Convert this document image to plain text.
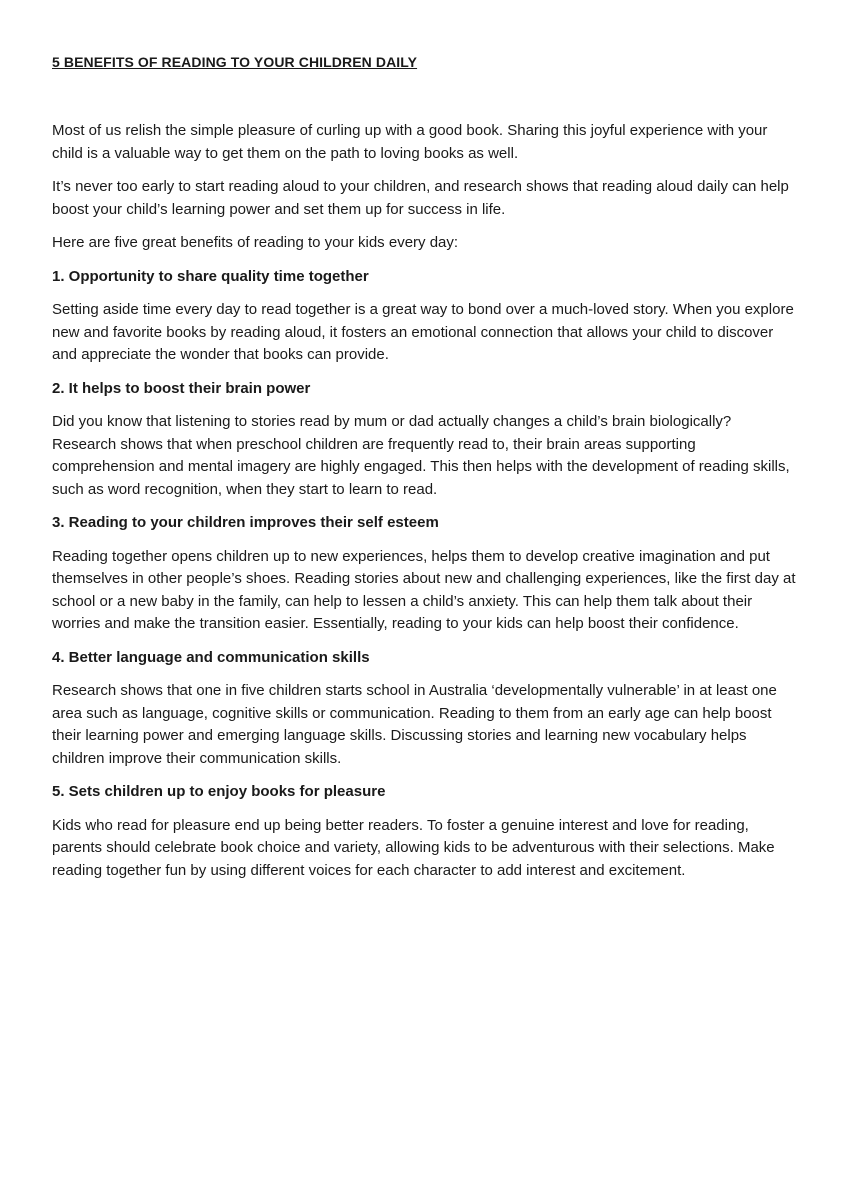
5 BENEFITS OF READING TO YOUR CHILDREN DAILY

Most of us relish the simple pleasure of curling up with a good book. Sharing this joyful experience with your child is a valuable way to get them on the path to loving books as well.

It’s never too early to start reading aloud to your children, and research shows that reading aloud daily can help boost your child’s learning power and set them up for success in life.

Here are five great benefits of reading to your kids every day:

1. Opportunity to share quality time together

Setting aside time every day to read together is a great way to bond over a much-loved story. When you explore new and favorite books by reading aloud, it fosters an emotional connection that allows your child to discover and appreciate the wonder that books can provide.

2. It helps to boost their brain power

Did you know that listening to stories read by mum or dad actually changes a child’s brain biologically? Research shows that when preschool children are frequently read to, their brain areas supporting comprehension and mental imagery are highly engaged. This then helps with the development of reading skills, such as word recognition, when they start to learn to read.

3. Reading to your children improves their self esteem

Reading together opens children up to new experiences, helps them to develop creative imagination and put themselves in other people’s shoes. Reading stories about new and challenging experiences, like the first day at school or a new baby in the family, can help to lessen a child’s anxiety. This can help them talk about their worries and make the transition easier. Essentially, reading to your kids can help boost their confidence.

4. Better language and communication skills

Research shows that one in five children starts school in Australia ‘developmentally vulnerable’ in at least one area such as language, cognitive skills or communication. Reading to them from an early age can help boost their learning power and emerging language skills. Discussing stories and learning new vocabulary helps children improve their communication skills.

5. Sets children up to enjoy books for pleasure

Kids who read for pleasure end up being better readers. To foster a genuine interest and love for reading, parents should celebrate book choice and variety, allowing kids to be adventurous with their selections. Make reading together fun by using different voices for each character to add interest and excitement.
